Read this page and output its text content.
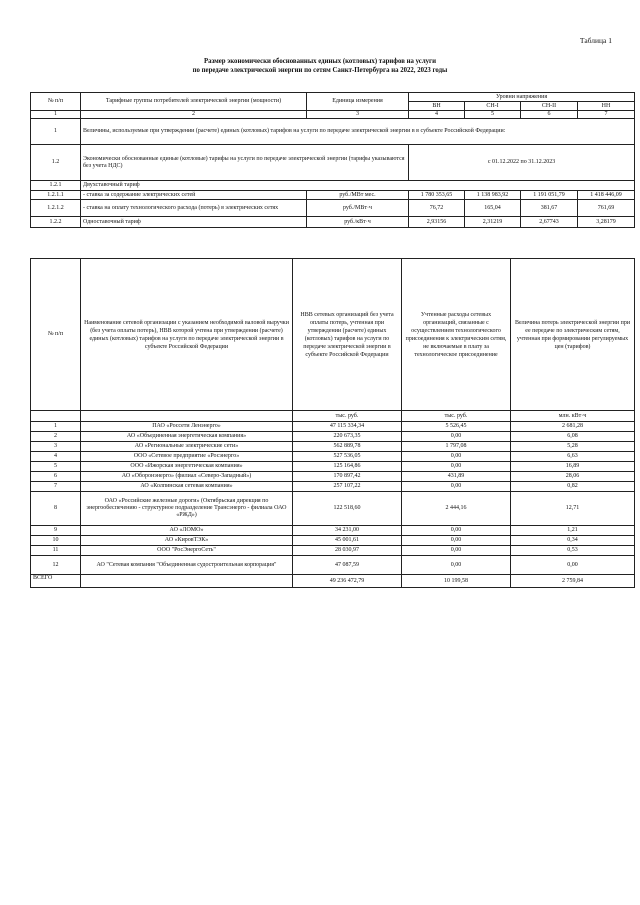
Таблица 1
Размер экономически обоснованных единых (котловых) тарифов на услуги
по передаче электрической энергии по сетям Санкт-Петербурга на 2022, 2023 годы
№ п/п	Тарифные группы потребителей электрической энергии (мощности)	Единица измерения	Уровни напряжения			
			ВН	СН-I	СН-II	НН
1	2	3	4	5	6	7
1	Величины, используемые при утверждении (расчете) единых (котловых) тарифов на услуги по передаче электрической энергии в в субъекте Российской Федерации:					
1.2	Экономически обоснованные единые (котловые) тарифы на услуги по передаче электрической энергии (тарифы указываются без учета НДС)		с 01.12.2022 по 31.12.2023			
1.2.1	Двухставочный тариф					
1.2.1.1	- ставка за содержание электрических сетей	руб./МВт мес.	1 780 353,65	1 138 983,92	1 191 051,79	1 418 446,09
1.2.1.2	- ставка на оплату технологического расхода (потерь) в электрических сетях	руб./МВт·ч	76,72	165,04	381,67	761,69
1.2.2	Одноставочный тариф	руб./кВт·ч	2,93156	2,31219	2,67743	3,28179
№ п/п	Наименование сетевой организации с указанием необходимой валовой выручки (без учета оплаты потерь), НВВ которой учтена при утверждении (расчете) единых (котловых) тарифов на услуги по передаче электрической энергии в субъекте Российской Федерации	НВВ сетевых организаций без учета оплаты потерь, учтенная при утверждении (расчете) единых (котловых) тарифов на услуги по передаче электрической энергии в субъекте Российской Федерации	Учтенные расходы сетевых организаций, связанные с осуществлением технологического присоединения к электрическим сетям, не включаемые в плату за технологическое присоединение	Величина потерь электрической энергии при ее передаче по электрическим сетям, учтенная при формировании регулируемых цен (тарифов)
		тыс. руб.	тыс. руб.	млн. кВт·ч
1	ПАО «Россети Ленэнерго»	47 115 334,34	5 526,45	2 681,28
2	АО «Объединенная энергетическая компания»	220 673,35	0,00	6,08
3	АО «Региональные электрические сети»	562 889,78	1 797,08	5,28
4	ООО «Сетевое предприятие «Росэнерго»	527 536,05	0,00	6,63
5	ООО «Ижорская энергетическая компания»	125 164,86	0,00	16,89
6	АО «Оборонэнерго» (филиал «Северо-Западный»)	170 897,42	431,89	28,06
7	АО «Колпинская сетевая компания»	257 107,22	0,00	0,82
8	ОАО «Российские железные дороги» (Октябрьская дирекция по энергообеспечению - структурное подразделение Трансэнерго - филиала ОАО «РЖД»)	122 518,60	2 444,16	12,71
9	АО «ЛОМО»	34 231,00	0,00	1,21
10	АО «КировТЭК»	45 001,61	0,00	0,34
11	ООО "РосЭнергоСеть"	28 030,97	0,00	0,53
12	АО "Сетевая компания "Объединенная судостроительная корпорация"	47 087,59	0,00	0,00
ВСЕГО		49 236 472,79	10 199,58	2 759,84
